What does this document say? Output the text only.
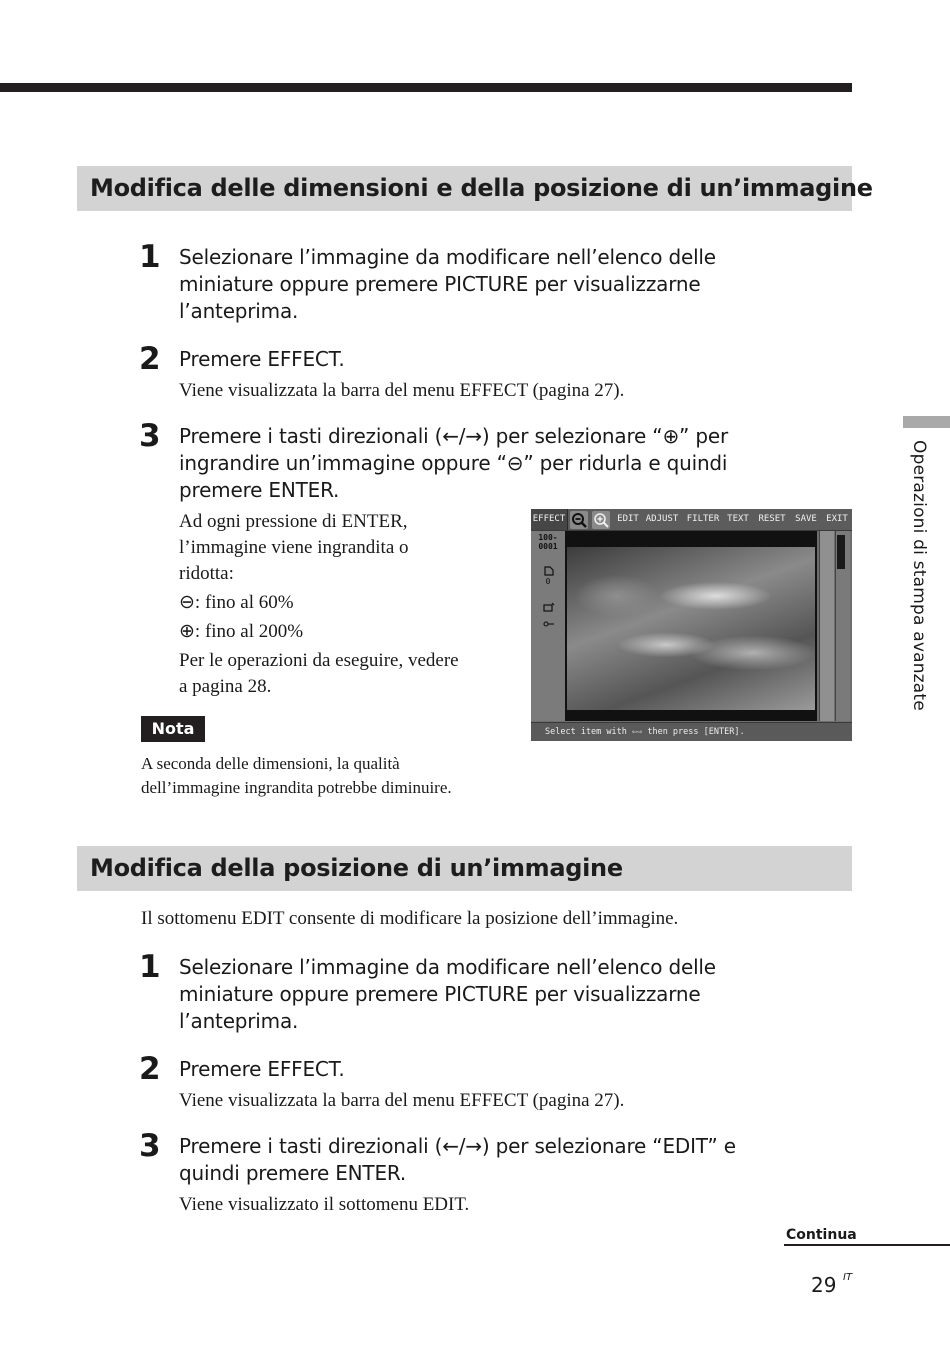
Modifica delle dimensioni e della posizione di un’immagine
1 Selezionare l’immagine da modificare nell’elenco delle
miniature oppure premere PICTURE per visualizzarne
l’anteprima.
2 Premere EFFECT.
Viene visualizzata la barra del menu EFFECT (pagina 27).
3 Premere i tasti direzionali (←/→) per selezionare “⊕” per
ingrandire un’immagine oppure “⊖” per ridurla e quindi
premere ENTER.
Ad ogni pressione di ENTER,
l’immagine viene ingrandita o
ridotta:
⊖: fino al 60%
⊕: fino al 200%
Per le operazioni da eseguire, vedere
a pagina 28.
Nota
A seconda delle dimensioni, la qualità
dell’immagine ingrandita potrebbe diminuire.
EFFECT	EDIT ADJUST FILTER TEXT	RESET	SAVE	EXIT
100-
0001
0
Select item with ⇦⇨ then press [ENTER].
Modifica della posizione di un’immagine
Il sottomenu EDIT consente di modificare la posizione dell’immagine.
1 Selezionare l’immagine da modificare nell’elenco delle
miniature oppure premere PICTURE per visualizzarne
l’anteprima.
2 Premere EFFECT.
Viene visualizzata la barra del menu EFFECT (pagina 27).
3 Premere i tasti direzionali (←/→) per selezionare “EDIT” e
quindi premere ENTER.
Viene visualizzato il sottomenu EDIT.
Operazioni di stampa avanzate
Continua
29 IT
